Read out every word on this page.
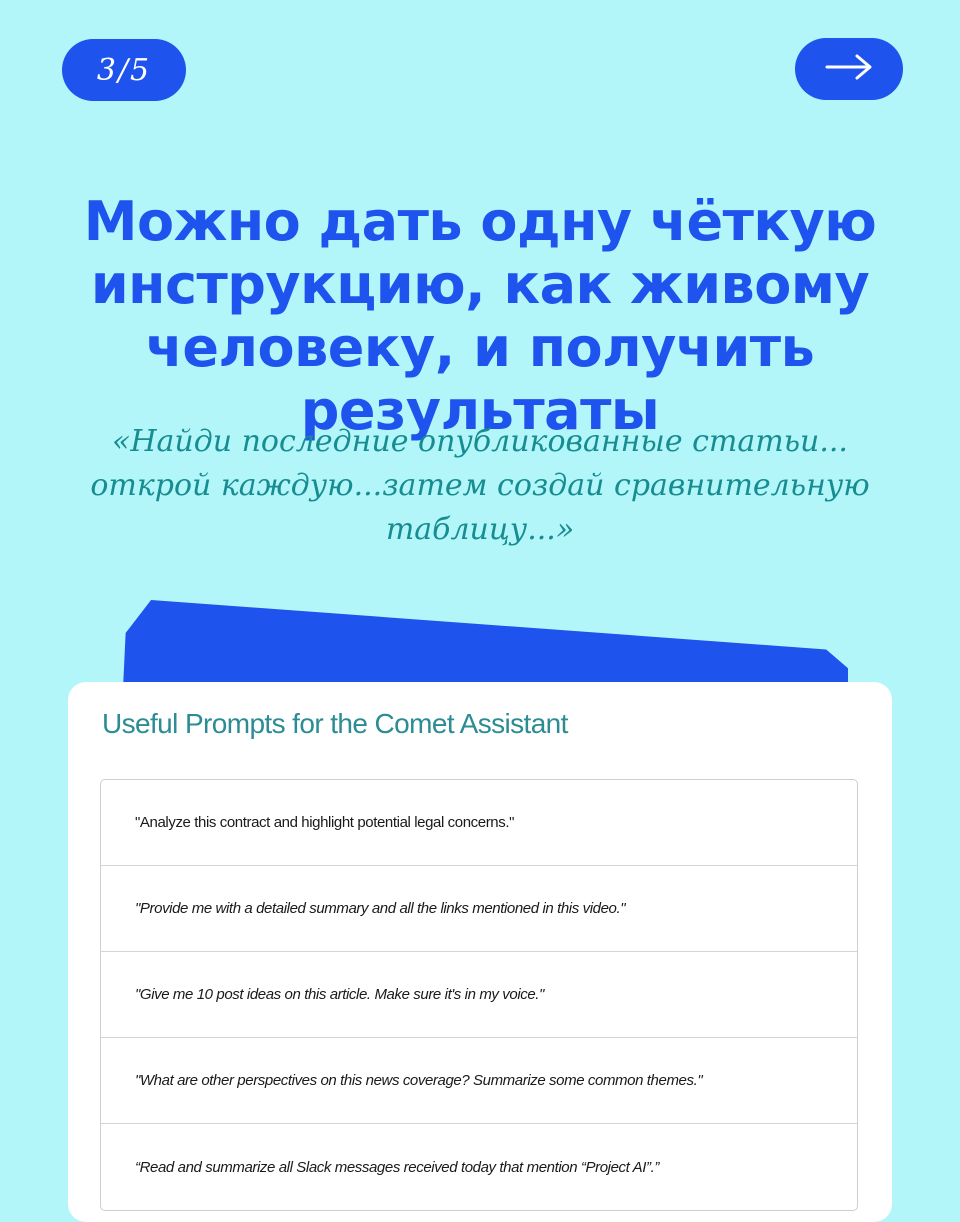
3/5
Можно дать одну чёткую
инструкцию, как живому
человеку, и получить результаты

«Найди последние опубликованные статьи...
открой каждую...затем создай сравнительную
таблицу...»

Useful Prompts for the Comet Assistant
"Analyze this contract and highlight potential legal concerns."
"Provide me with a detailed summary and all the links mentioned in this video."
"Give me 10 post ideas on this article. Make sure it's in my voice."
"What are other perspectives on this news coverage? Summarize some common themes."
“Read and summarize all Slack messages received today that mention “Project AI”.”
